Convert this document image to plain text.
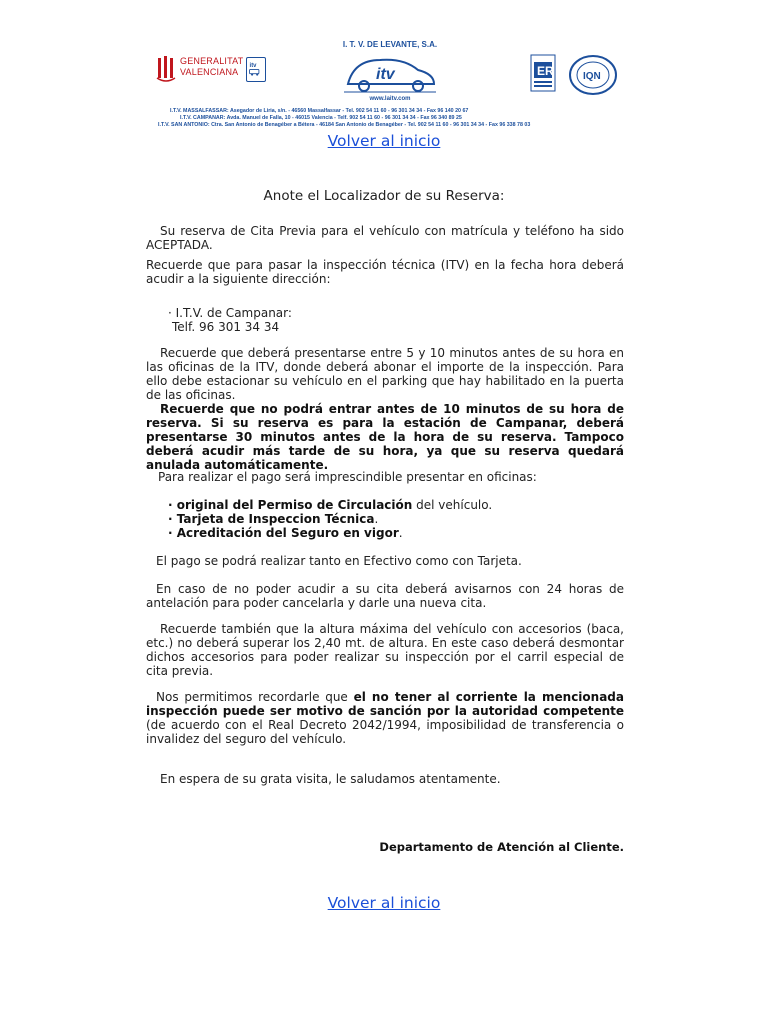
GENERALITAT
VALENCIANA
itv
I. T. V. DE LEVANTE, S.A.
itv
www.laitv.com
ER	IQN
I.T.V. MASSALFASSAR: Asegador de Liria, s/n. - 46560 Massalfassar - Tel. 902 54 11 60 - 96 301 34 34 - Fax 96 140 20 67
I.T.V. CAMPANAR: Avda. Manuel de Falla, 10 - 46015 Valencia - Telf. 902 54 11 60 - 96 301 34 34 - Fax 96 340 89 25
I.T.V. SAN ANTONIO: Ctra. San Antonio de Benagéber a Bétera - 46184 San Antonio de Benagéber - Tel. 902 54 11 60 - 96 301 34 34 - Fax 96 338 78 03
Volver al inicio
Anote el Localizador de su Reserva:

Su reserva de Cita Previa para el vehículo con matrícula y teléfono ha sido ACEPTADA.

Recuerde que para pasar la inspección técnica (ITV) en la fecha hora deberá acudir a la siguiente dirección:

· I.T.V. de Campanar:
Telf. 96 301 34 34

Recuerde que deberá presentarse entre 5 y 10 minutos antes de su hora en las oficinas de la ITV, donde deberá abonar el importe de la inspección. Para ello debe estacionar su vehículo en el parking que hay habilitado en la puerta de las oficinas.

Recuerde que no podrá entrar antes de 10 minutos de su hora de reserva. Si su reserva es para la estación de Campanar, deberá presentarse 30 minutos antes de la hora de su reserva. Tampoco deberá acudir más tarde de su hora, ya que su reserva quedará anulada automáticamente.

Para realizar el pago será imprescindible presentar en oficinas:

· original del Permiso de Circulación del vehículo.
· Tarjeta de Inspeccion Técnica.
· Acreditación del Seguro en vigor.

El pago se podrá realizar tanto en Efectivo como con Tarjeta.

En caso de no poder acudir a su cita deberá avisarnos con 24 horas de antelación para poder cancelarla y darle una nueva cita.

Recuerde también que la altura máxima del vehículo con accesorios (baca, etc.) no deberá superar los 2,40 mt. de altura. En este caso deberá desmontar dichos accesorios para poder realizar su inspección por el carril especial de cita previa.

Nos permitimos recordarle que el no tener al corriente la mencionada inspección puede ser motivo de sanción por la autoridad competente (de acuerdo con el Real Decreto 2042/1994, imposibilidad de transferencia o invalidez del seguro del vehículo.

En espera de su grata visita, le saludamos atentamente.

Departamento de Atención al Cliente.
Volver al inicio
